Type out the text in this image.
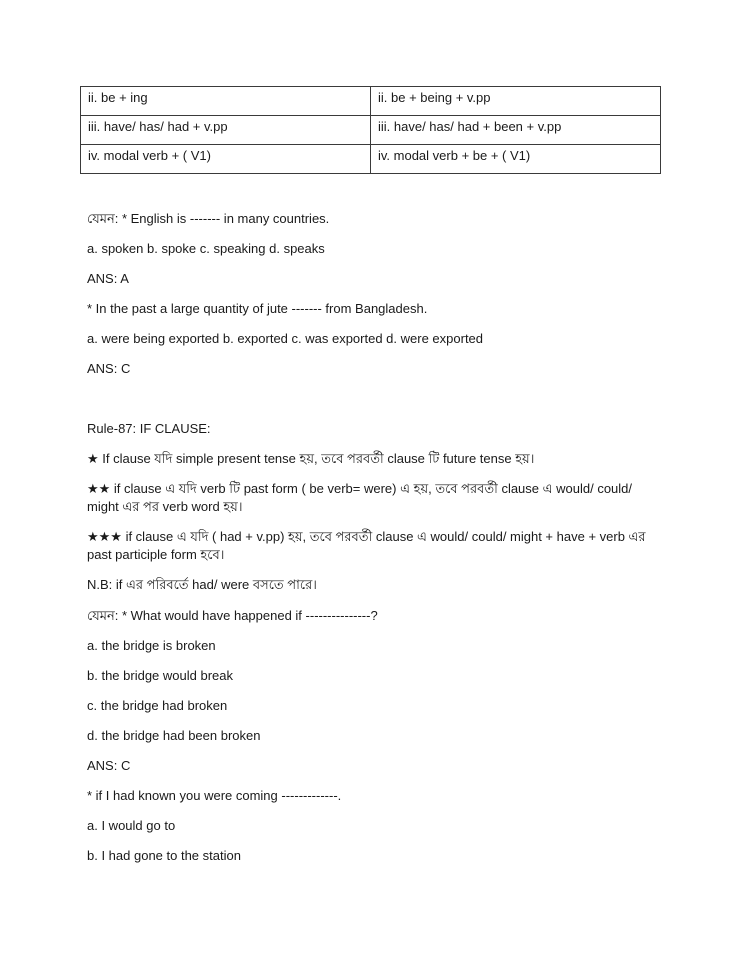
ii. be + ing	ii. be + being + v.pp
iii. have/ has/ had + v.pp	iii. have/ has/ had + been + v.pp
iv. modal verb + ( V1)	iv. modal verb + be + ( V1)
যেমন: * English is ------- in many countries.
a. spoken b. spoke c. speaking d. speaks
ANS: A
* In the past a large quantity of jute ------- from Bangladesh.
a. were being exported b. exported c. was exported d. were exported
ANS: C
Rule-87: IF CLAUSE:
★ If clause যদি simple present tense হয়, তবে পরবর্তী clause টি future tense হয়।
★★ if clause এ যদি verb টি past form ( be verb= were) এ হয়, তবে পরবর্তী clause এ would/ could/ might এর পর verb word হয়।
★★★ if clause এ যদি ( had + v.pp) হয়, তবে পরবর্তী clause এ would/ could/ might + have + verb এর past participle form হবে।
N.B: if এর পরিবর্তে had/ were বসতে পারে।
যেমন: * What would have happened if ---------------?
a. the bridge is broken
b. the bridge would break
c. the bridge had broken
d. the bridge had been broken
ANS: C
* if I had known you were coming -------------.
a. I would go to
b. I had gone to the station
